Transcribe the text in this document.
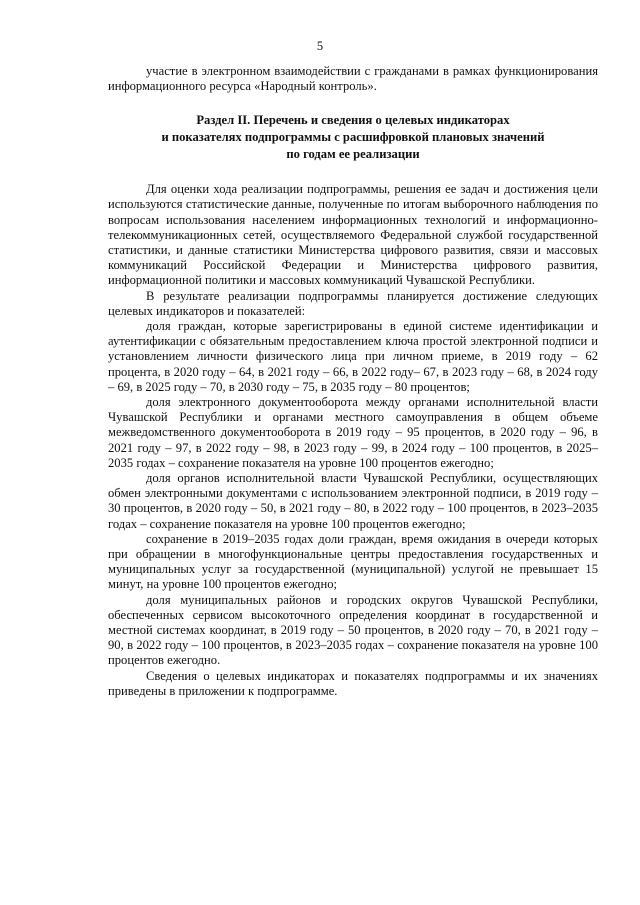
5

участие в электронном взаимодействии с гражданами в рамках функционирования информационного ресурса «Народный контроль».

Раздел II. Перечень и сведения о целевых индикаторах
и показателях подпрограммы с расшифровкой плановых значений
по годам ее реализации

Для оценки хода реализации подпрограммы, решения ее задач и достижения цели используются статистические данные, полученные по итогам выборочного наблюдения по вопросам использования населением информационных технологий и информационно-телекоммуникационных сетей, осуществляемого Федеральной службой государственной статистики, и данные статистики Министерства цифрового развития, связи и массовых коммуникаций Российской Федерации и Министерства цифрового развития, информационной политики и массовых коммуникаций Чувашской Республики.

В результате реализации подпрограммы планируется достижение следующих целевых индикаторов и показателей:

доля граждан, которые зарегистрированы в единой системе идентификации и аутентификации с обязательным предоставлением ключа простой электронной подписи и установлением личности физического лица при личном приеме, в 2019 году – 62 процента, в 2020 году – 64, в 2021 году – 66, в 2022 году– 67, в 2023 году – 68, в 2024 году – 69, в 2025 году – 70, в 2030 году – 75, в 2035 году – 80 процентов;

доля электронного документооборота между органами исполнительной власти Чувашской Республики и органами местного самоуправления в общем объеме межведомственного документооборота в 2019 году – 95 процентов, в 2020 году – 96, в 2021 году – 97, в 2022 году – 98, в 2023 году – 99, в 2024 году – 100 процентов, в 2025–2035 годах – сохранение показателя на уровне 100 процентов ежегодно;

доля органов исполнительной власти Чувашской Республики, осуществляющих обмен электронными документами с использованием электронной подписи, в 2019 году – 30 процентов, в 2020 году – 50, в 2021 году – 80, в 2022 году – 100 процентов, в 2023–2035 годах – сохранение показателя на уровне 100 процентов ежегодно;

сохранение в 2019–2035 годах доли граждан, время ожидания в очереди которых при обращении в многофункциональные центры предоставления государственных и муниципальных услуг за государственной (муниципальной) услугой не превышает 15 минут, на уровне 100 процентов ежегодно;

доля муниципальных районов и городских округов Чувашской Республики, обеспеченных сервисом высокоточного определения координат в государственной и местной системах координат, в 2019 году – 50 процентов, в 2020 году – 70, в 2021 году – 90, в 2022 году – 100 процентов, в 2023–2035 годах – сохранение показателя на уровне 100 процентов ежегодно.

Сведения о целевых индикаторах и показателях подпрограммы и их значениях приведены в приложении к подпрограмме.
